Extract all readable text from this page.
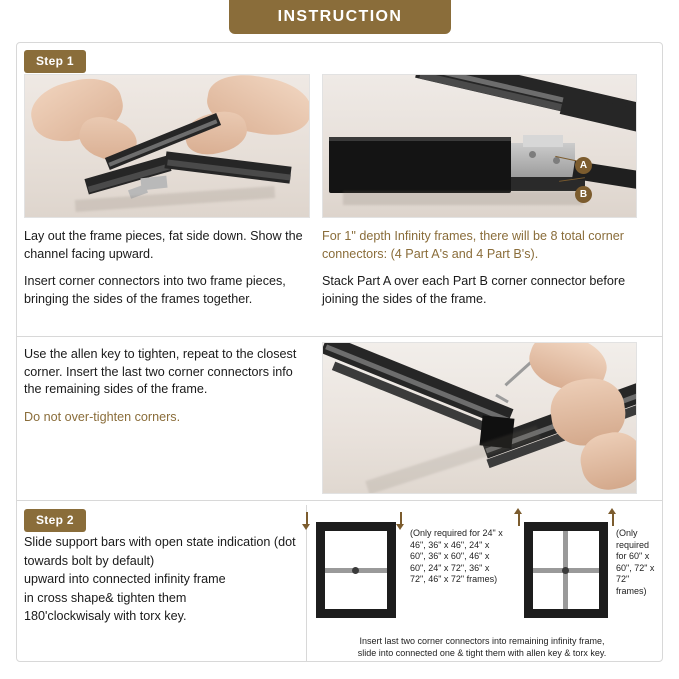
INSTRUCTION
Step 1
A
B

Lay out the frame pieces, fat side down. Show the channel facing upward.

Insert corner connectors into two frame pieces, bringing the sides of the frames together.

For 1" depth Infinity frames, there will be 8 total corner connectors: (4 Part A's and 4 Part B's).

Stack Part A over each Part B corner connector before joining the sides of the frame.

Use the allen key to tighten, repeat to the closest corner. Insert the last two corner connectors info the remaining sides of the frame.

Do not over-tighten corners.

Step 2

Slide support bars with open state indication (dot towards bolt by default)

upward into connected infinity frame

in cross shape& tighten them

180'clockwisaly with torx key.

(Only required for 24" x 46", 36" x 46", 24" x 60", 36" x 60", 46" x 60", 24" x 72", 36" x 72", 46" x 72" frames)
(Only required for 60" x 60", 72" x 72" frames)
Insert last two corner connectors into remaining infinity frame,
slide into connected one & tight them with allen key & torx key.
